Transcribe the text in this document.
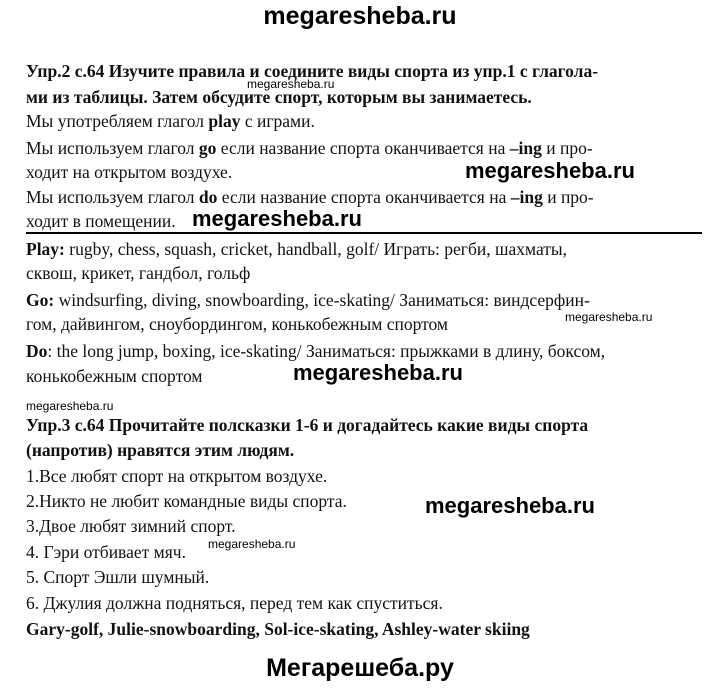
megaresheba.ru
Упр.2 с.64 Изучите правила и соедините виды спорта из упр.1 с глагола-
megaresheba.ru
ми из таблицы. Затем обсудите спорт, которым вы занимаетесь.
Мы употребляем глагол play с играми.
Мы используем глагол go если название спорта оканчивается на –ing и про-
ходит на открытом воздухе.	megaresheba.ru
Мы используем глагол do если название спорта оканчивается на –ing и про-
ходит в помещении. megaresheba.ru
Play: rugby, chess, squash, cricket, handball, golf/ Играть: регби, шахматы,
сквош, крикет, гандбол, гольф
Go: windsurfing, diving, snowboarding, ice-skating/ Заниматься: виндсерфин-
megaresheba.ru
гом, дайвингом, сноубордингом, конькобежным спортом
Do: the long jump, boxing, ice-skating/ Заниматься: прыжками в длину, боксом,
конькобежным спортом	megaresheba.ru
megaresheba.ru
Упр.3 с.64 Прочитайте полсказки 1-6 и догадайтесь какие виды спорта
(напротив) нравятся этим людям.
1.Все любят спорт на открытом воздухе.
2.Никто не любит командные виды спорта.	megaresheba.ru
3.Двое любят зимний спорт.
4. Гэри отбивает мяч. megaresheba.ru
5. Спорт Эшли шумный.
6. Джулия должна подняться, перед тем как спуститься.
Gary-golf, Julie-snowboarding, Sol-ice-skating, Ashley-water skiing
Мегарешеба.ру
